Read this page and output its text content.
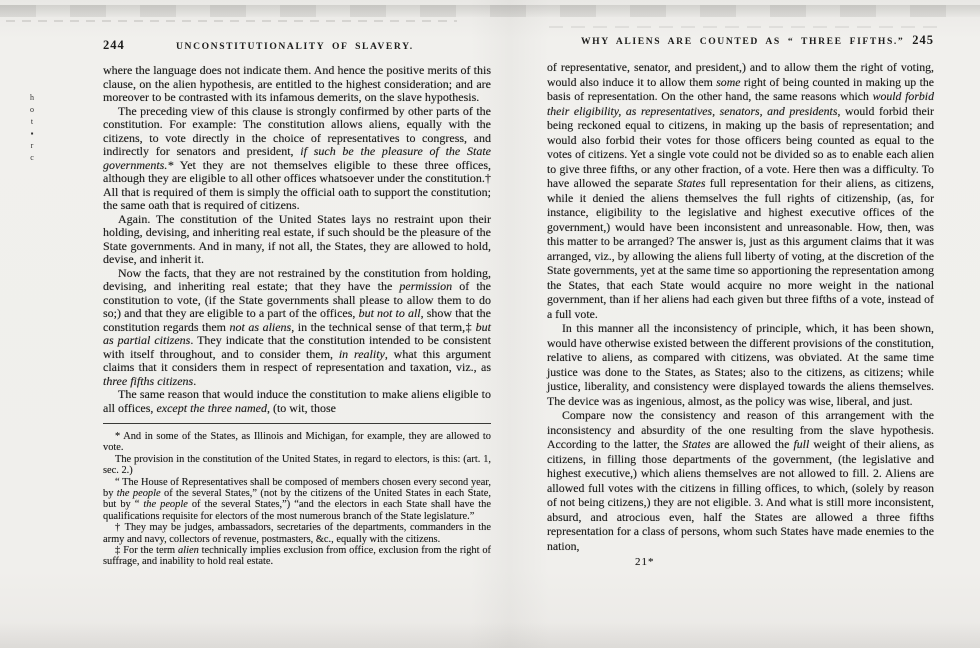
h
o
t
▪
r
c
244	UNCONSTITUTIONALITY OF SLAVERY.

where the language does not indicate them. And hence the positive merits of this clause, on the alien hypothesis, are entitled to the highest consideration; and are moreover to be contrasted with its infamous demerits, on the slave hypothesis.

The preceding view of this clause is strongly confirmed by other parts of the constitution. For example: The constitution allows aliens, equally with the citizens, to vote directly in the choice of representatives to congress, and indirectly for senators and president, if such be the pleasure of the State governments.* Yet they are not themselves eligible to these three offices, although they are eligible to all other offices whatsoever under the constitution.† All that is required of them is simply the official oath to support the constitution; the same oath that is required of citizens.

Again. The constitution of the United States lays no restraint upon their holding, devising, and inheriting real estate, if such should be the pleasure of the State governments. And in many, if not all, the States, they are allowed to hold, devise, and inherit it.

Now the facts, that they are not restrained by the constitution from holding, devising, and inheriting real estate; that they have the permission of the constitution to vote, (if the State governments shall please to allow them to do so;) and that they are eligible to a part of the offices, but not to all, show that the constitution regards them not as aliens, in the technical sense of that term,‡ but as partial citizens. They indicate that the constitution intended to be consistent with itself throughout, and to consider them, in reality, what this argument claims that it considers them in respect of representation and taxation, viz., as three fifths citizens.

The same reason that would induce the constitution to make aliens eligible to all offices, except the three named, (to wit, those

* And in some of the States, as Illinois and Michigan, for example, they are allowed to vote.

The provision in the constitution of the United States, in regard to electors, is this: (art. 1, sec. 2.)

“ The House of Representatives shall be composed of members chosen every second year, by the people of the several States,” (not by the citizens of the United States in each State, but by “ the people of the several States,”) “and the electors in each State shall have the qualifications requisite for electors of the most numerous branch of the State legislature.”

† They may be judges, ambassadors, secretaries of the departments, commanders in the army and navy, collectors of revenue, postmasters, &c., equally with the citizens.

‡ For the term alien technically implies exclusion from office, exclusion from the right of suffrage, and inability to hold real estate.

WHY ALIENS ARE COUNTED AS “ THREE FIFTHS.” 245

of representative, senator, and president,) and to allow them the right of voting, would also induce it to allow them some right of being counted in making up the basis of representation. On the other hand, the same reasons which would forbid their eligibility, as representatives, senators, and presidents, would forbid their being reckoned equal to citizens, in making up the basis of representation; and would also forbid their votes for those officers being counted as equal to the votes of citizens. Yet a single vote could not be divided so as to enable each alien to give three fifths, or any other fraction, of a vote. Here then was a difficulty. To have allowed the separate States full representation for their aliens, as citizens, while it denied the aliens themselves the full rights of citizenship, (as, for instance, eligibility to the legislative and highest executive offices of the government,) would have been inconsistent and unreasonable. How, then, was this matter to be arranged? The answer is, just as this argument claims that it was arranged, viz., by allowing the aliens full liberty of voting, at the discretion of the State governments, yet at the same time so apportioning the representation among the States, that each State would acquire no more weight in the national government, than if her aliens had each given but three fifths of a vote, instead of a full vote.

In this manner all the inconsistency of principle, which, it has been shown, would have otherwise existed between the different provisions of the constitution, relative to aliens, as compared with citizens, was obviated. At the same time justice was done to the States, as States; also to the citizens, as citizens; while justice, liberality, and consistency were displayed towards the aliens themselves. The device was as ingenious, almost, as the policy was wise, liberal, and just.

Compare now the consistency and reason of this arrangement with the inconsistency and absurdity of the one resulting from the slave hypothesis. According to the latter, the States are allowed the full weight of their aliens, as citizens, in filling those departments of the government, (the legislative and highest executive,) which aliens themselves are not allowed to fill. 2. Aliens are allowed full votes with the citizens in filling offices, to which, (solely by reason of not being citizens,) they are not eligible. 3. And what is still more inconsistent, absurd, and atrocious even, half the States are allowed a three fifths representation for a class of persons, whom such States have made enemies to the nation,

21*
